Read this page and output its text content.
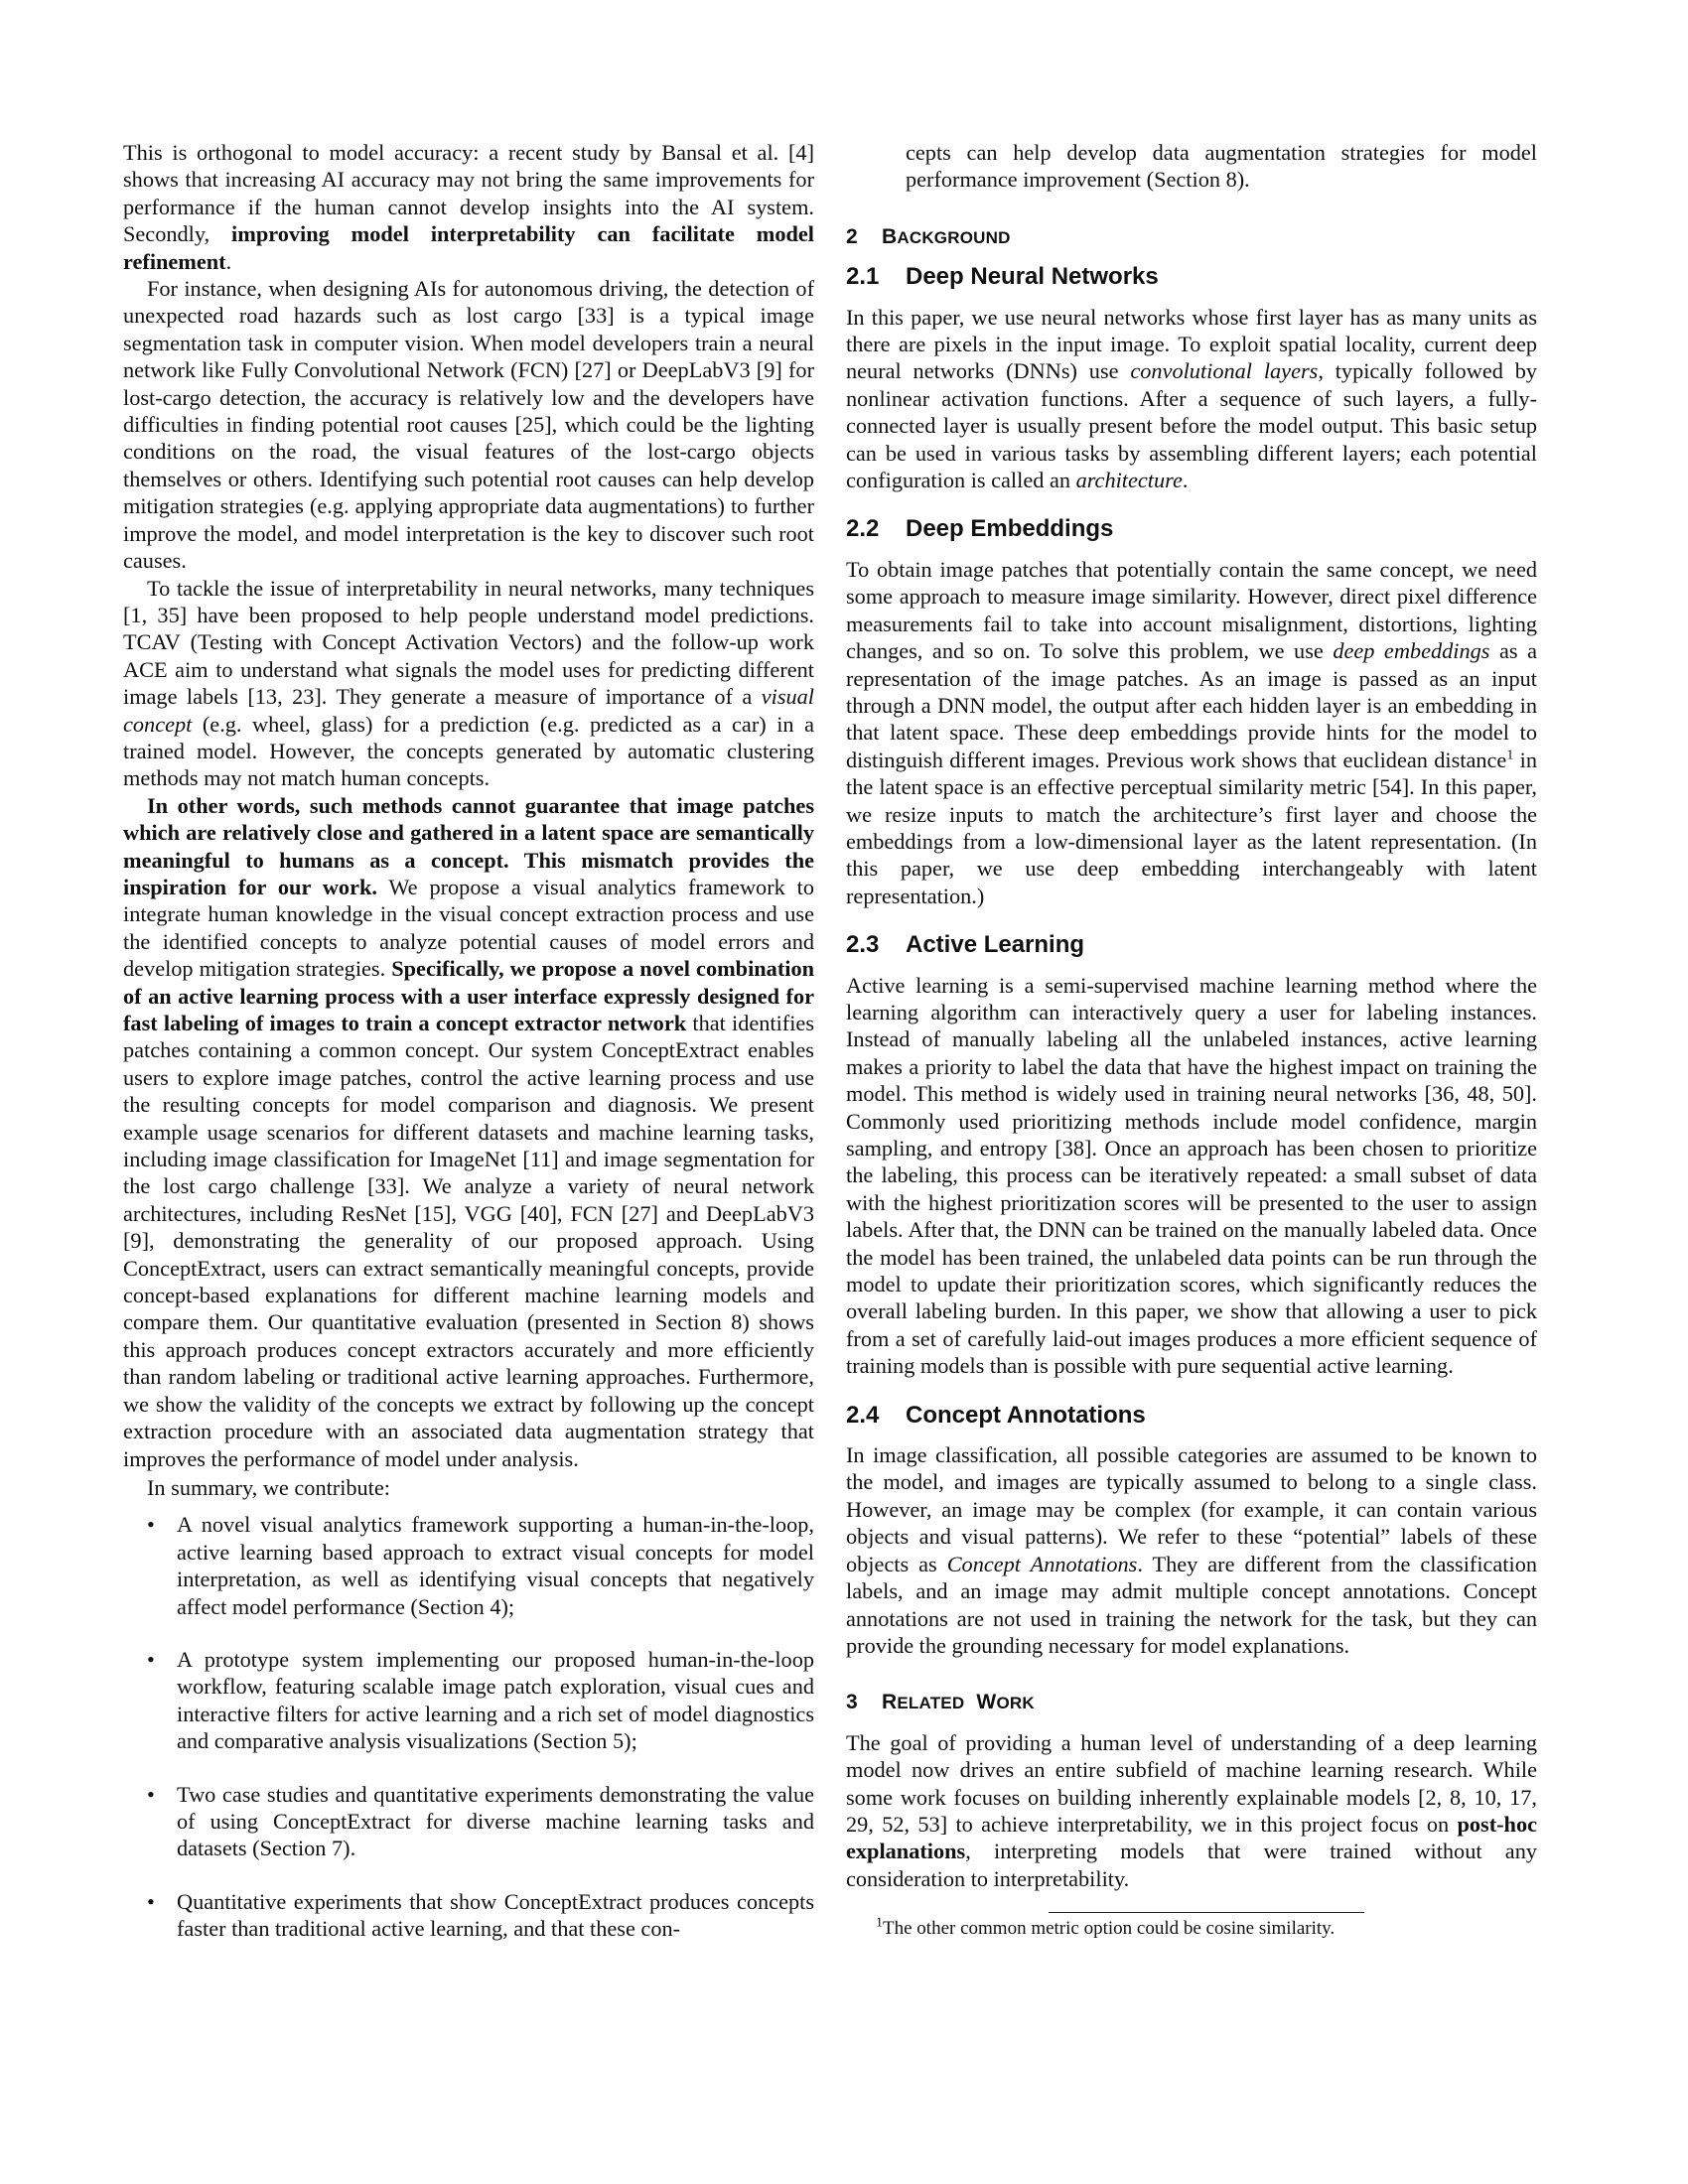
This is orthogonal to model accuracy: a recent study by Bansal et al. [4] shows that increasing AI accuracy may not bring the same improvements for performance if the human cannot develop insights into the AI system. Secondly, improving model interpretability can facilitate model refinement.

For instance, when designing AIs for autonomous driving, the detection of unexpected road hazards such as lost cargo [33] is a typical image segmentation task in computer vision. When model developers train a neural network like Fully Convolutional Network (FCN) [27] or DeepLabV3 [9] for lost-cargo detection, the accuracy is relatively low and the developers have difficulties in finding potential root causes [25], which could be the lighting conditions on the road, the visual features of the lost-cargo objects themselves or others. Identifying such potential root causes can help develop mitigation strategies (e.g. applying appropriate data augmentations) to further improve the model, and model interpretation is the key to discover such root causes.

To tackle the issue of interpretability in neural networks, many techniques [1, 35] have been proposed to help people understand model predictions. TCAV (Testing with Concept Activation Vectors) and the follow-up work ACE aim to understand what signals the model uses for predicting different image labels [13, 23]. They generate a measure of importance of a visual concept (e.g. wheel, glass) for a prediction (e.g. predicted as a car) in a trained model. However, the concepts generated by automatic clustering methods may not match human concepts.

In other words, such methods cannot guarantee that image patches which are relatively close and gathered in a latent space are semantically meaningful to humans as a concept. This mismatch provides the inspiration for our work. We propose a visual analytics framework to integrate human knowledge in the visual concept extraction process and use the identified concepts to analyze potential causes of model errors and develop mitigation strategies. Specifically, we propose a novel combination of an active learning process with a user interface expressly designed for fast labeling of images to train a concept extractor network that identifies patches containing a common concept. Our system ConceptExtract enables users to explore image patches, control the active learning process and use the resulting concepts for model comparison and diagnosis. We present example usage scenarios for different datasets and machine learning tasks, including image classification for ImageNet [11] and image segmentation for the lost cargo challenge [33]. We analyze a variety of neural network architectures, including ResNet [15], VGG [40], FCN [27] and DeepLabV3 [9], demonstrating the generality of our proposed approach. Using ConceptExtract, users can extract semantically meaningful concepts, provide concept-based explanations for different machine learning models and compare them. Our quantitative evaluation (presented in Section 8) shows this approach produces concept extractors accurately and more efficiently than random labeling or traditional active learning approaches. Furthermore, we show the validity of the concepts we extract by following up the concept extraction procedure with an associated data augmentation strategy that improves the performance of model under analysis.

In summary, we contribute:

• A novel visual analytics framework supporting a human-in-the-loop, active learning based approach to extract visual concepts for model interpretation, as well as identifying visual concepts that negatively affect model performance (Section 4);
• A prototype system implementing our proposed human-in-the-loop workflow, featuring scalable image patch exploration, visual cues and interactive filters for active learning and a rich set of model diagnostics and comparative analysis visualizations (Section 5);
• Two case studies and quantitative experiments demonstrating the value of using ConceptExtract for diverse machine learning tasks and datasets (Section 7).
• Quantitative experiments that show ConceptExtract produces concepts faster than traditional active learning, and that these con-

cepts can help develop data augmentation strategies for model performance improvement (Section 8).

2 BACKGROUND
2.1 Deep Neural Networks

In this paper, we use neural networks whose first layer has as many units as there are pixels in the input image. To exploit spatial locality, current deep neural networks (DNNs) use convolutional layers, typically followed by nonlinear activation functions. After a sequence of such layers, a fully-connected layer is usually present before the model output. This basic setup can be used in various tasks by assembling different layers; each potential configuration is called an architecture.

2.2 Deep Embeddings

To obtain image patches that potentially contain the same concept, we need some approach to measure image similarity. However, direct pixel difference measurements fail to take into account misalignment, distortions, lighting changes, and so on. To solve this problem, we use deep embeddings as a representation of the image patches. As an image is passed as an input through a DNN model, the output after each hidden layer is an embedding in that latent space. These deep embeddings provide hints for the model to distinguish different images. Previous work shows that euclidean distance$^1$ in the latent space is an effective perceptual similarity metric [54]. In this paper, we resize inputs to match the architecture’s first layer and choose the embeddings from a low-dimensional layer as the latent representation. (In this paper, we use deep embedding interchangeably with latent representation.)

2.3 Active Learning

Active learning is a semi-supervised machine learning method where the learning algorithm can interactively query a user for labeling instances. Instead of manually labeling all the unlabeled instances, active learning makes a priority to label the data that have the highest impact on training the model. This method is widely used in training neural networks [36, 48, 50]. Commonly used prioritizing methods include model confidence, margin sampling, and entropy [38]. Once an approach has been chosen to prioritize the labeling, this process can be iteratively repeated: a small subset of data with the highest prioritization scores will be presented to the user to assign labels. After that, the DNN can be trained on the manually labeled data. Once the model has been trained, the unlabeled data points can be run through the model to update their prioritization scores, which significantly reduces the overall labeling burden. In this paper, we show that allowing a user to pick from a set of carefully laid-out images produces a more efficient sequence of training models than is possible with pure sequential active learning.

2.4 Concept Annotations

In image classification, all possible categories are assumed to be known to the model, and images are typically assumed to belong to a single class. However, an image may be complex (for example, it can contain various objects and visual patterns). We refer to these “potential” labels of these objects as Concept Annotations. They are different from the classification labels, and an image may admit multiple concept annotations. Concept annotations are not used in training the network for the task, but they can provide the grounding necessary for model explanations.

3 RELATED WORK

The goal of providing a human level of understanding of a deep learning model now drives an entire subfield of machine learning research. While some work focuses on building inherently explainable models [2, 8, 10, 17, 29, 52, 53] to achieve interpretability, we in this project focus on post-hoc explanations, interpreting models that were trained without any consideration to interpretability.

$^1$The other common metric option could be cosine similarity.
